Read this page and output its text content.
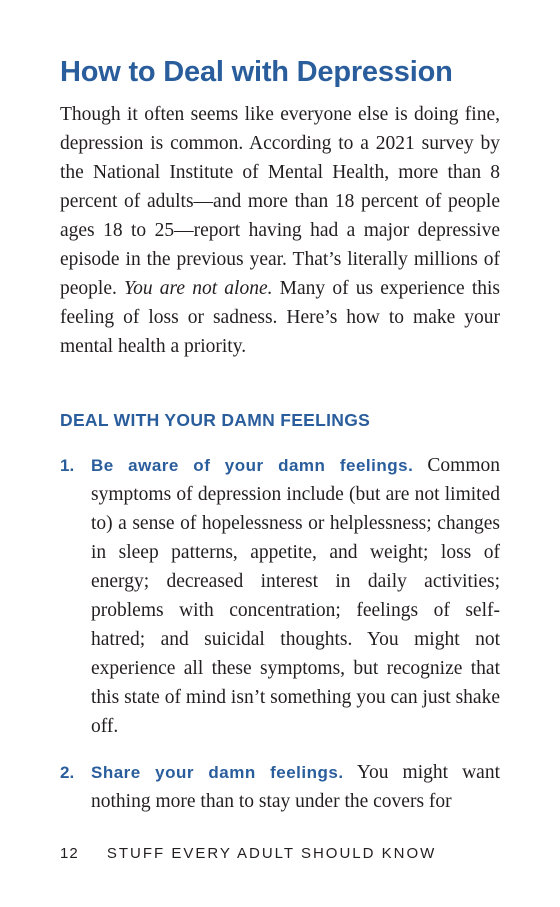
How to Deal with Depression

Though it often seems like everyone else is doing fine, depression is common. According to a 2021 survey by the National Institute of Mental Health, more than 8 percent of adults—and more than 18 percent of people ages 18 to 25—report having had a major depressive episode in the previous year. That’s literally millions of people. You are not alone. Many of us experience this feeling of loss or sadness. Here’s how to make your mental health a priority.

DEAL WITH YOUR DAMN FEELINGS
1. Be aware of your damn feelings. Common symptoms of depression include (but are not limited to) a sense of hopelessness or helplessness; changes in sleep patterns, appetite, and weight; loss of energy; decreased interest in daily activities; problems with concentration; feelings of self-hatred; and suicidal thoughts. You might not experience all these symptoms, but recognize that this state of mind isn’t something you can just shake off.
2. Share your damn feelings. You might want nothing more than to stay under the covers for
12 STUFF EVERY ADULT SHOULD KNOW
